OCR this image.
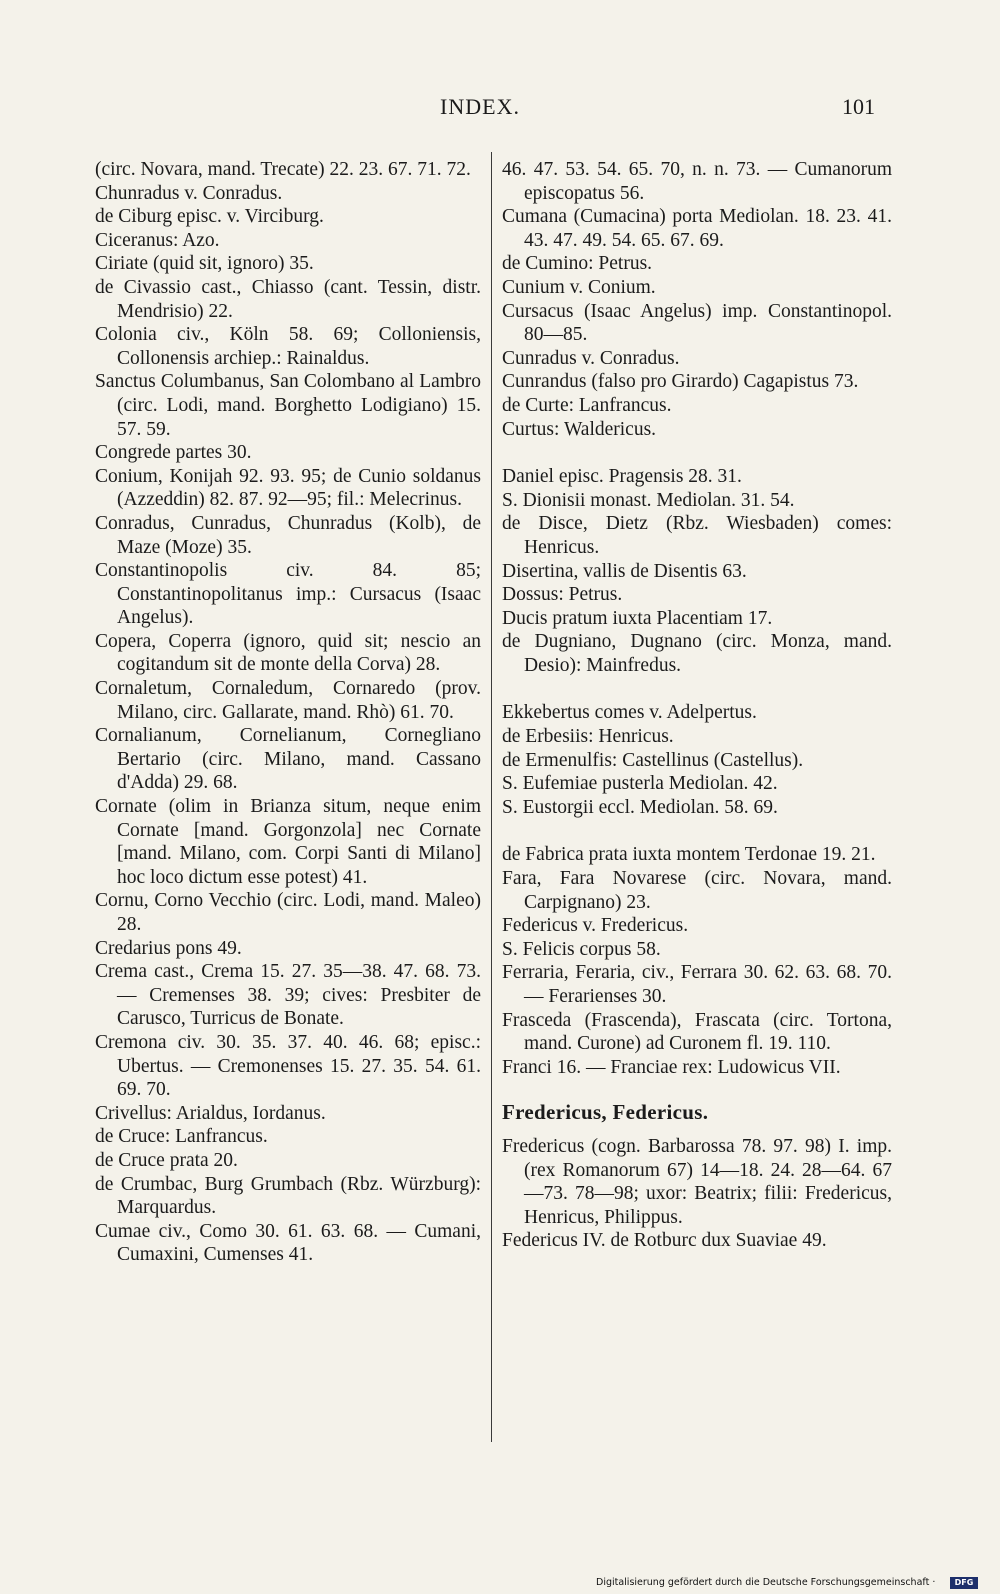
INDEX.	101
(circ. Novara, mand. Trecate) 22. 23. 67. 71. 72.
Chunradus v. Conradus.
de Ciburg episc. v. Virciburg.
Ciceranus: Azo.
Ciriate (quid sit, ignoro) 35.
de Civassio cast., Chiasso (cant. Tessin, distr. Mendrisio) 22.
Colonia civ., Köln 58. 69; Colloniensis, Collonensis archiep.: Rainaldus.
Sanctus Columbanus, San Colombano al Lambro (circ. Lodi, mand. Borghetto Lodigiano) 15. 57. 59.
Congrede partes 30.
Conium, Konijah 92. 93. 95; de Cunio soldanus (Azzeddin) 82. 87. 92—95; fil.: Melecrinus.
Conradus, Cunradus, Chunradus (Kolb), de Maze (Moze) 35.
Constantinopolis civ. 84. 85; Constantinopolitanus imp.: Cursacus (Isaac Angelus).
Copera, Coperra (ignoro, quid sit; nescio an cogitandum sit de monte della Corva) 28.
Cornaletum, Cornaledum, Cornaredo (prov. Milano, circ. Gallarate, mand. Rhò) 61. 70.
Cornalianum, Cornelianum, Cornegliano Bertario (circ. Milano, mand. Cassano d'Adda) 29. 68.
Cornate (olim in Brianza situm, neque enim Cornate [mand. Gorgonzola] nec Cornate [mand. Milano, com. Corpi Santi di Milano] hoc loco dictum esse potest) 41.
Cornu, Corno Vecchio (circ. Lodi, mand. Maleo) 28.
Credarius pons 49.
Crema cast., Crema 15. 27. 35—38. 47. 68. 73. — Cremenses 38. 39; cives: Presbiter de Carusco, Turricus de Bonate.
Cremona civ. 30. 35. 37. 40. 46. 68; episc.: Ubertus. — Cremonenses 15. 27. 35. 54. 61. 69. 70.
Crivellus: Arialdus, Iordanus.
de Cruce: Lanfrancus.
de Cruce prata 20.
de Crumbac, Burg Grumbach (Rbz. Würzburg): Marquardus.
Cumae civ., Como 30. 61. 63. 68. — Cumani, Cumaxini, Cumenses 41.
46. 47. 53. 54. 65. 70, n. n. 73. — Cumanorum episcopatus 56.
Cumana (Cumacina) porta Mediolan. 18. 23. 41. 43. 47. 49. 54. 65. 67. 69.
de Cumino: Petrus.
Cunium v. Conium.
Cursacus (Isaac Angelus) imp. Constantinopol. 80—85.
Cunradus v. Conradus.
Cunrandus (falso pro Girardo) Cagapistus 73.
de Curte: Lanfrancus.
Curtus: Waldericus.
Daniel episc. Pragensis 28. 31.
S. Dionisii monast. Mediolan. 31. 54.
de Disce, Dietz (Rbz. Wiesbaden) comes: Henricus.
Disertina, vallis de Disentis 63.
Dossus: Petrus.
Ducis pratum iuxta Placentiam 17.
de Dugniano, Dugnano (circ. Monza, mand. Desio): Mainfredus.
Ekkebertus comes v. Adelpertus.
de Erbesiis: Henricus.
de Ermenulfis: Castellinus (Castellus).
S. Eufemiae pusterla Mediolan. 42.
S. Eustorgii eccl. Mediolan. 58. 69.
de Fabrica prata iuxta montem Terdonae 19. 21.
Fara, Fara Novarese (circ. Novara, mand. Carpignano) 23.
Federicus v. Fredericus.
S. Felicis corpus 58.
Ferraria, Feraria, civ., Ferrara 30. 62. 63. 68. 70. — Ferarienses 30.
Frasceda (Frascenda), Frascata (circ. Tortona, mand. Curone) ad Curonem fl. 19. 110.
Franci 16. — Franciae rex: Ludowicus VII.
Fredericus, Federicus.
Fredericus (cogn. Barbarossa 78. 97. 98) I. imp. (rex Romanorum 67) 14—18. 24. 28—64. 67—73. 78—98; uxor: Beatrix; filii: Fredericus, Henricus, Philippus.
Federicus IV. de Rotburc dux Suaviae 49.
Digitalisierung gefördert durch die Deutsche Forschungsgemeinschaft ·	DFG
